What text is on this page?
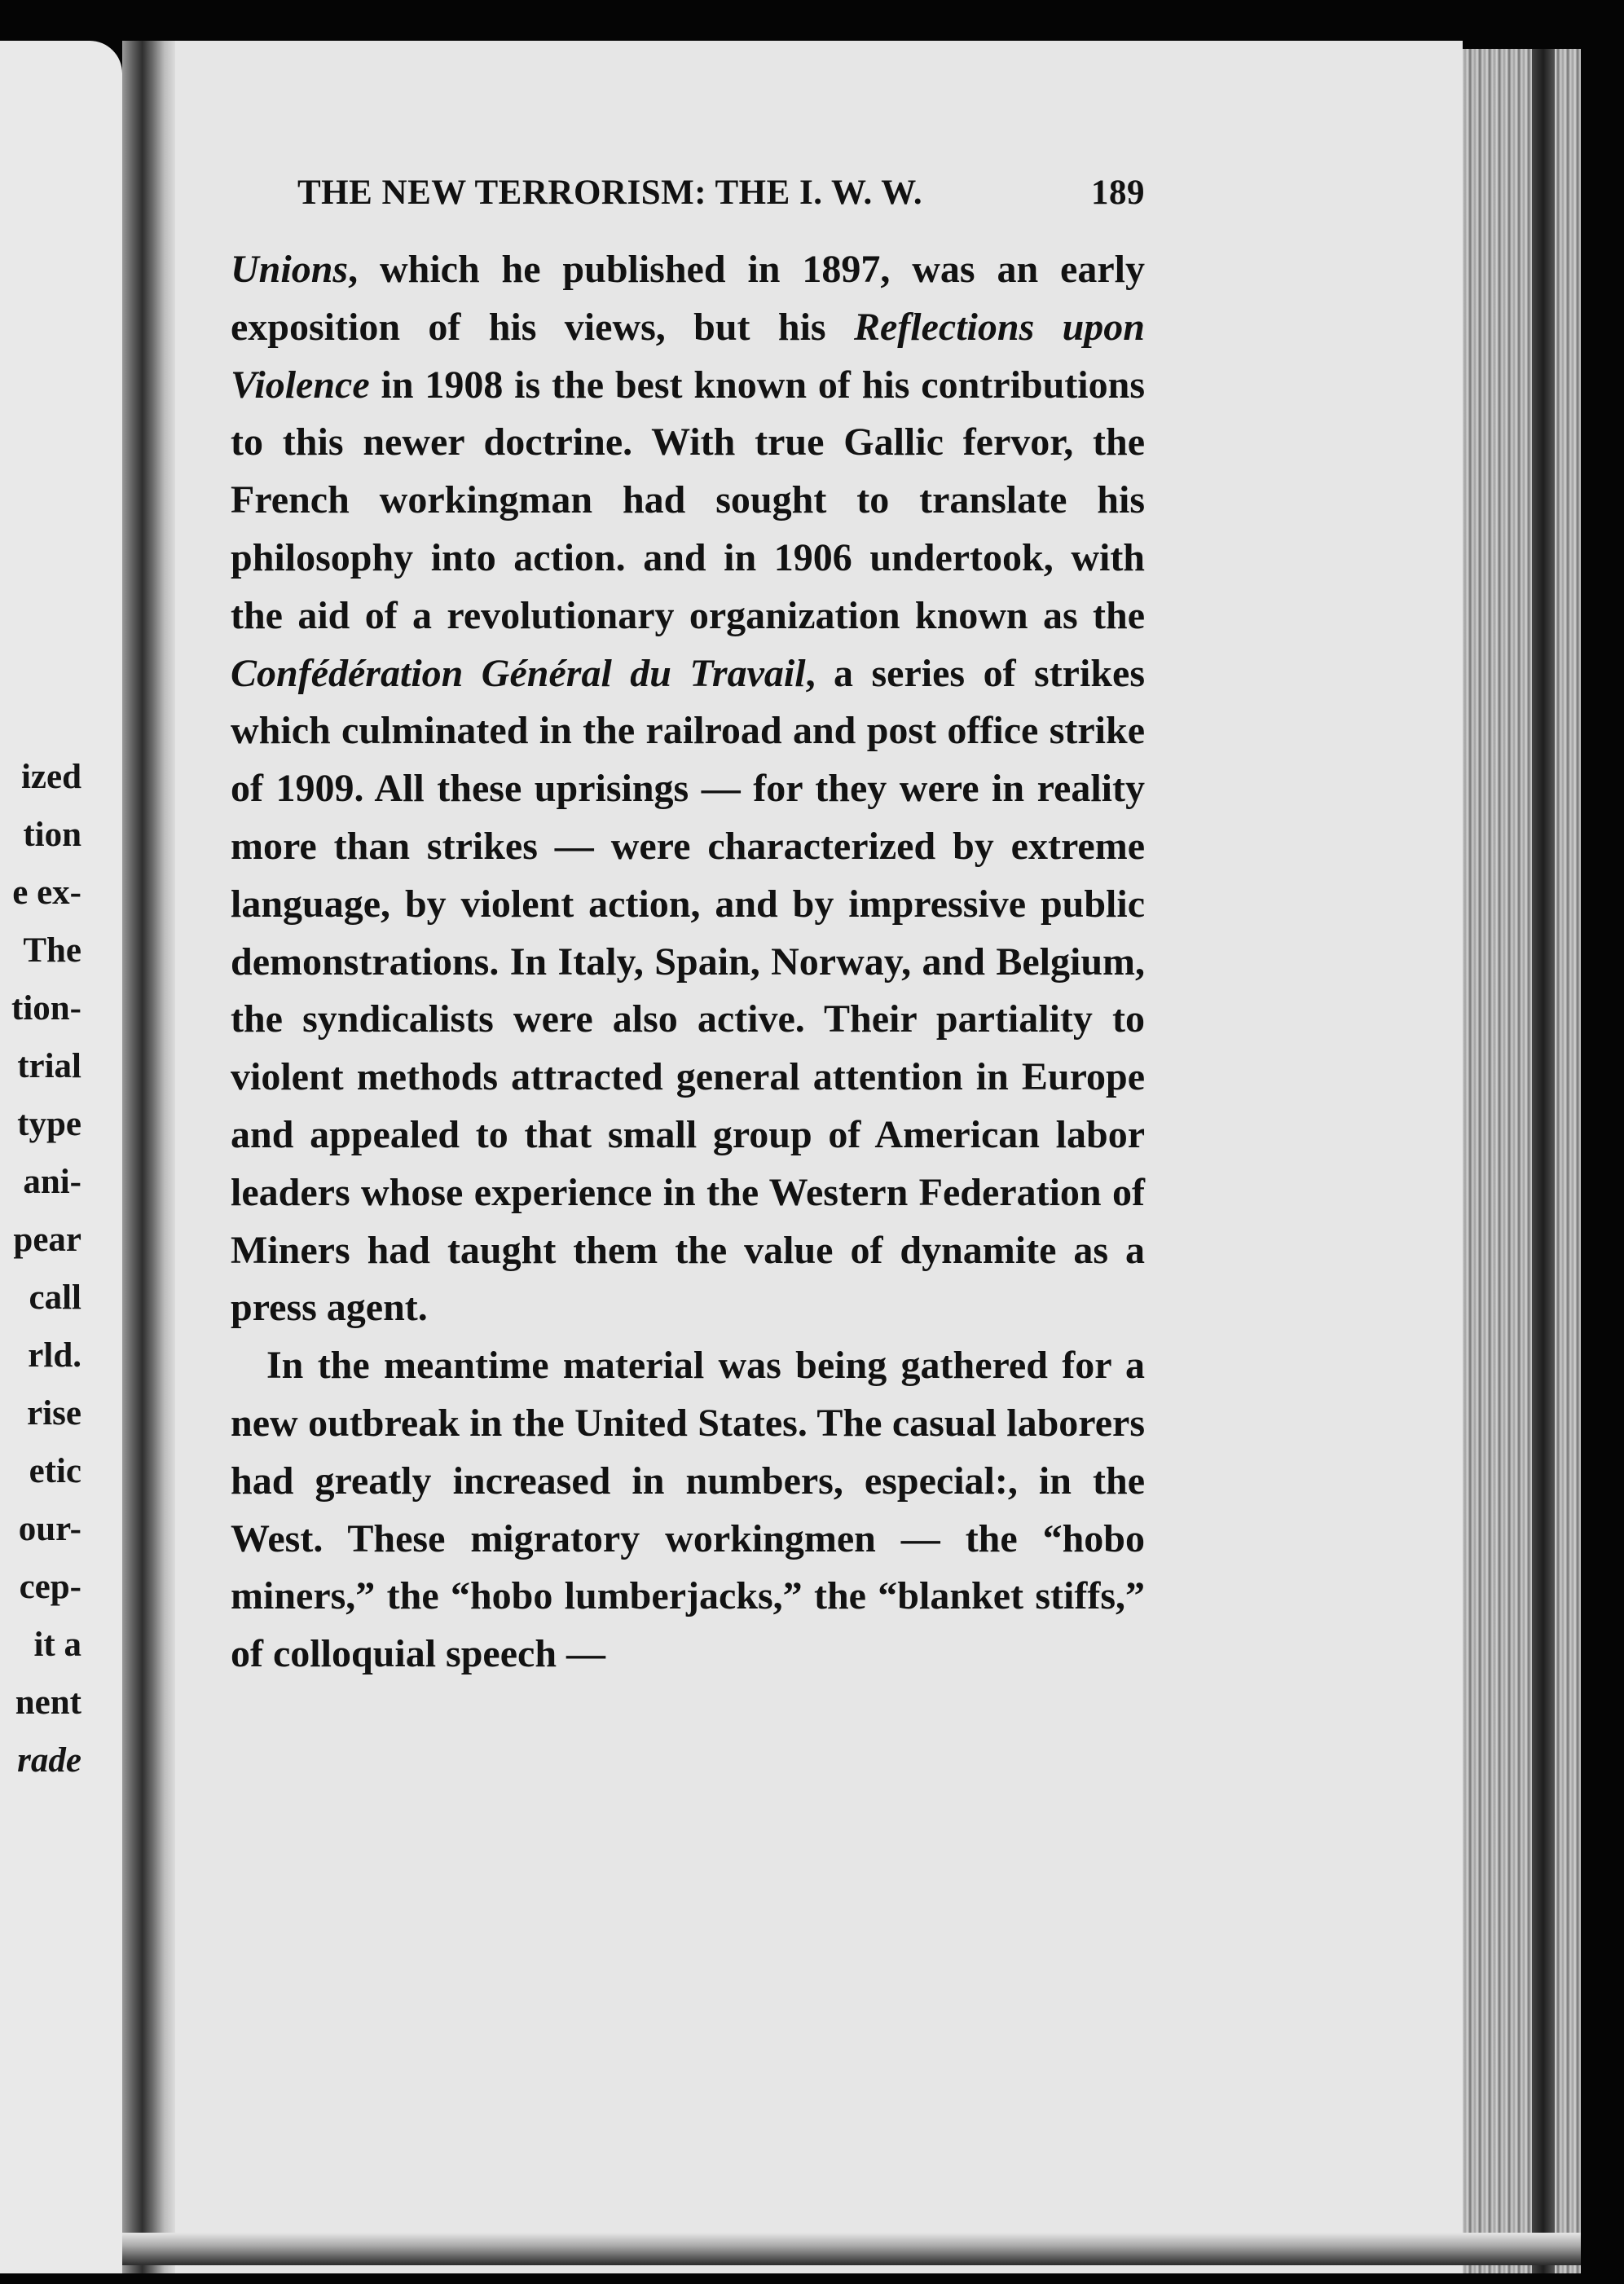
ized
tion
e ex-
The
tion-
trial
type
ani-
pear
call
rld.
rise
etic
our-
cep-
it a
nent
rade
THE NEW TERRORISM: THE I. W. W.	189

Unions, which he published in 1897, was an early exposition of his views, but his Reflections upon Violence in 1908 is the best known of his contributions to this newer doctrine. With true Gallic fervor, the French workingman had sought to translate his philosophy into action. and in 1906 undertook, with the aid of a revolutionary organization known as the Confédération Général du Travail, a series of strikes which culminated in the railroad and post office strike of 1909. All these uprisings — for they were in reality more than strikes — were characterized by extreme language, by violent action, and by impressive public demonstrations. In Italy, Spain, Norway, and Belgium, the syndicalists were also active. Their partiality to violent methods attracted general attention in Europe and appealed to that small group of American labor leaders whose experience in the Western Federation of Miners had taught them the value of dynamite as a press agent.

In the meantime material was being gathered for a new outbreak in the United States. The casual laborers had greatly increased in numbers, especial:, in the West. These migratory workingmen — the “hobo miners,” the “hobo lumberjacks,” the “blanket stiffs,” of colloquial speech —
